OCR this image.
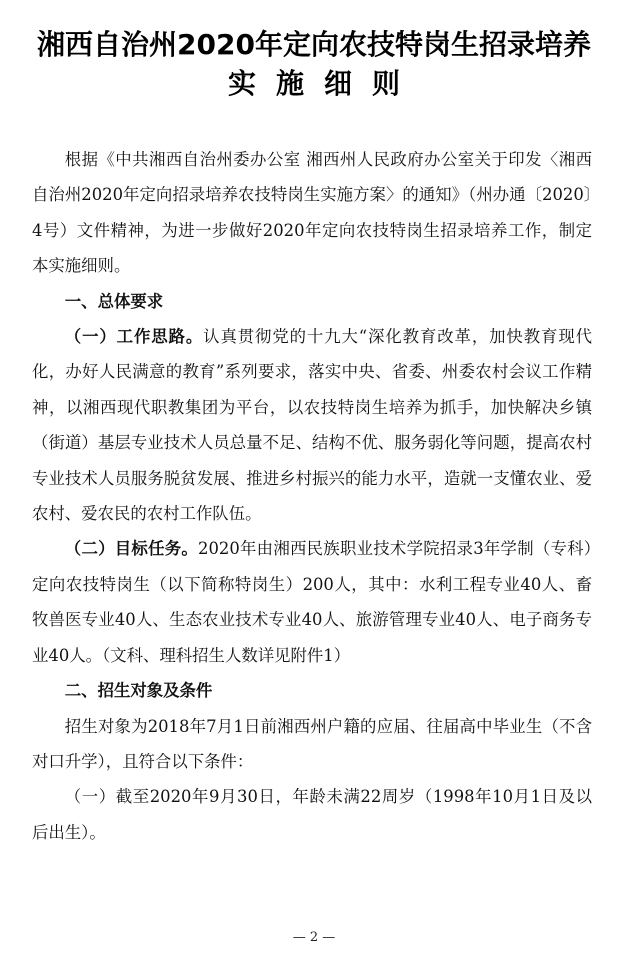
湘西自治州2020年定向农技特岗生招录培养
实施细则

根据《中共湘西自治州委办公室 湘西州人民政府办公室关于印发〈湘西自治州2020年定向招录培养农技特岗生实施方案〉的通知》（州办通〔2020〕4号）文件精神，为进一步做好2020年定向农技特岗生招录培养工作，制定本实施细则。

一、总体要求

（一）工作思路。认真贯彻党的十九大“深化教育改革，加快教育现代化，办好人民满意的教育”系列要求，落实中央、省委、州委农村会议工作精神，以湘西现代职教集团为平台，以农技特岗生培养为抓手，加快解决乡镇（街道）基层专业技术人员总量不足、结构不优、服务弱化等问题，提高农村专业技术人员服务脱贫发展、推进乡村振兴的能力水平，造就一支懂农业、爱农村、爱农民的农村工作队伍。

（二）目标任务。2020年由湘西民族职业技术学院招录3年学制（专科）定向农技特岗生（以下简称特岗生）200人，其中：水利工程专业40人、畜牧兽医专业40人、生态农业技术专业40人、旅游管理专业40人、电子商务专业40人。（文科、理科招生人数详见附件1）

二、招生对象及条件

招生对象为2018年7月1日前湘西州户籍的应届、往届高中毕业生（不含对口升学），且符合以下条件：

（一）截至2020年9月30日，年龄未满22周岁（1998年10月1日及以后出生）。

— 2 —
